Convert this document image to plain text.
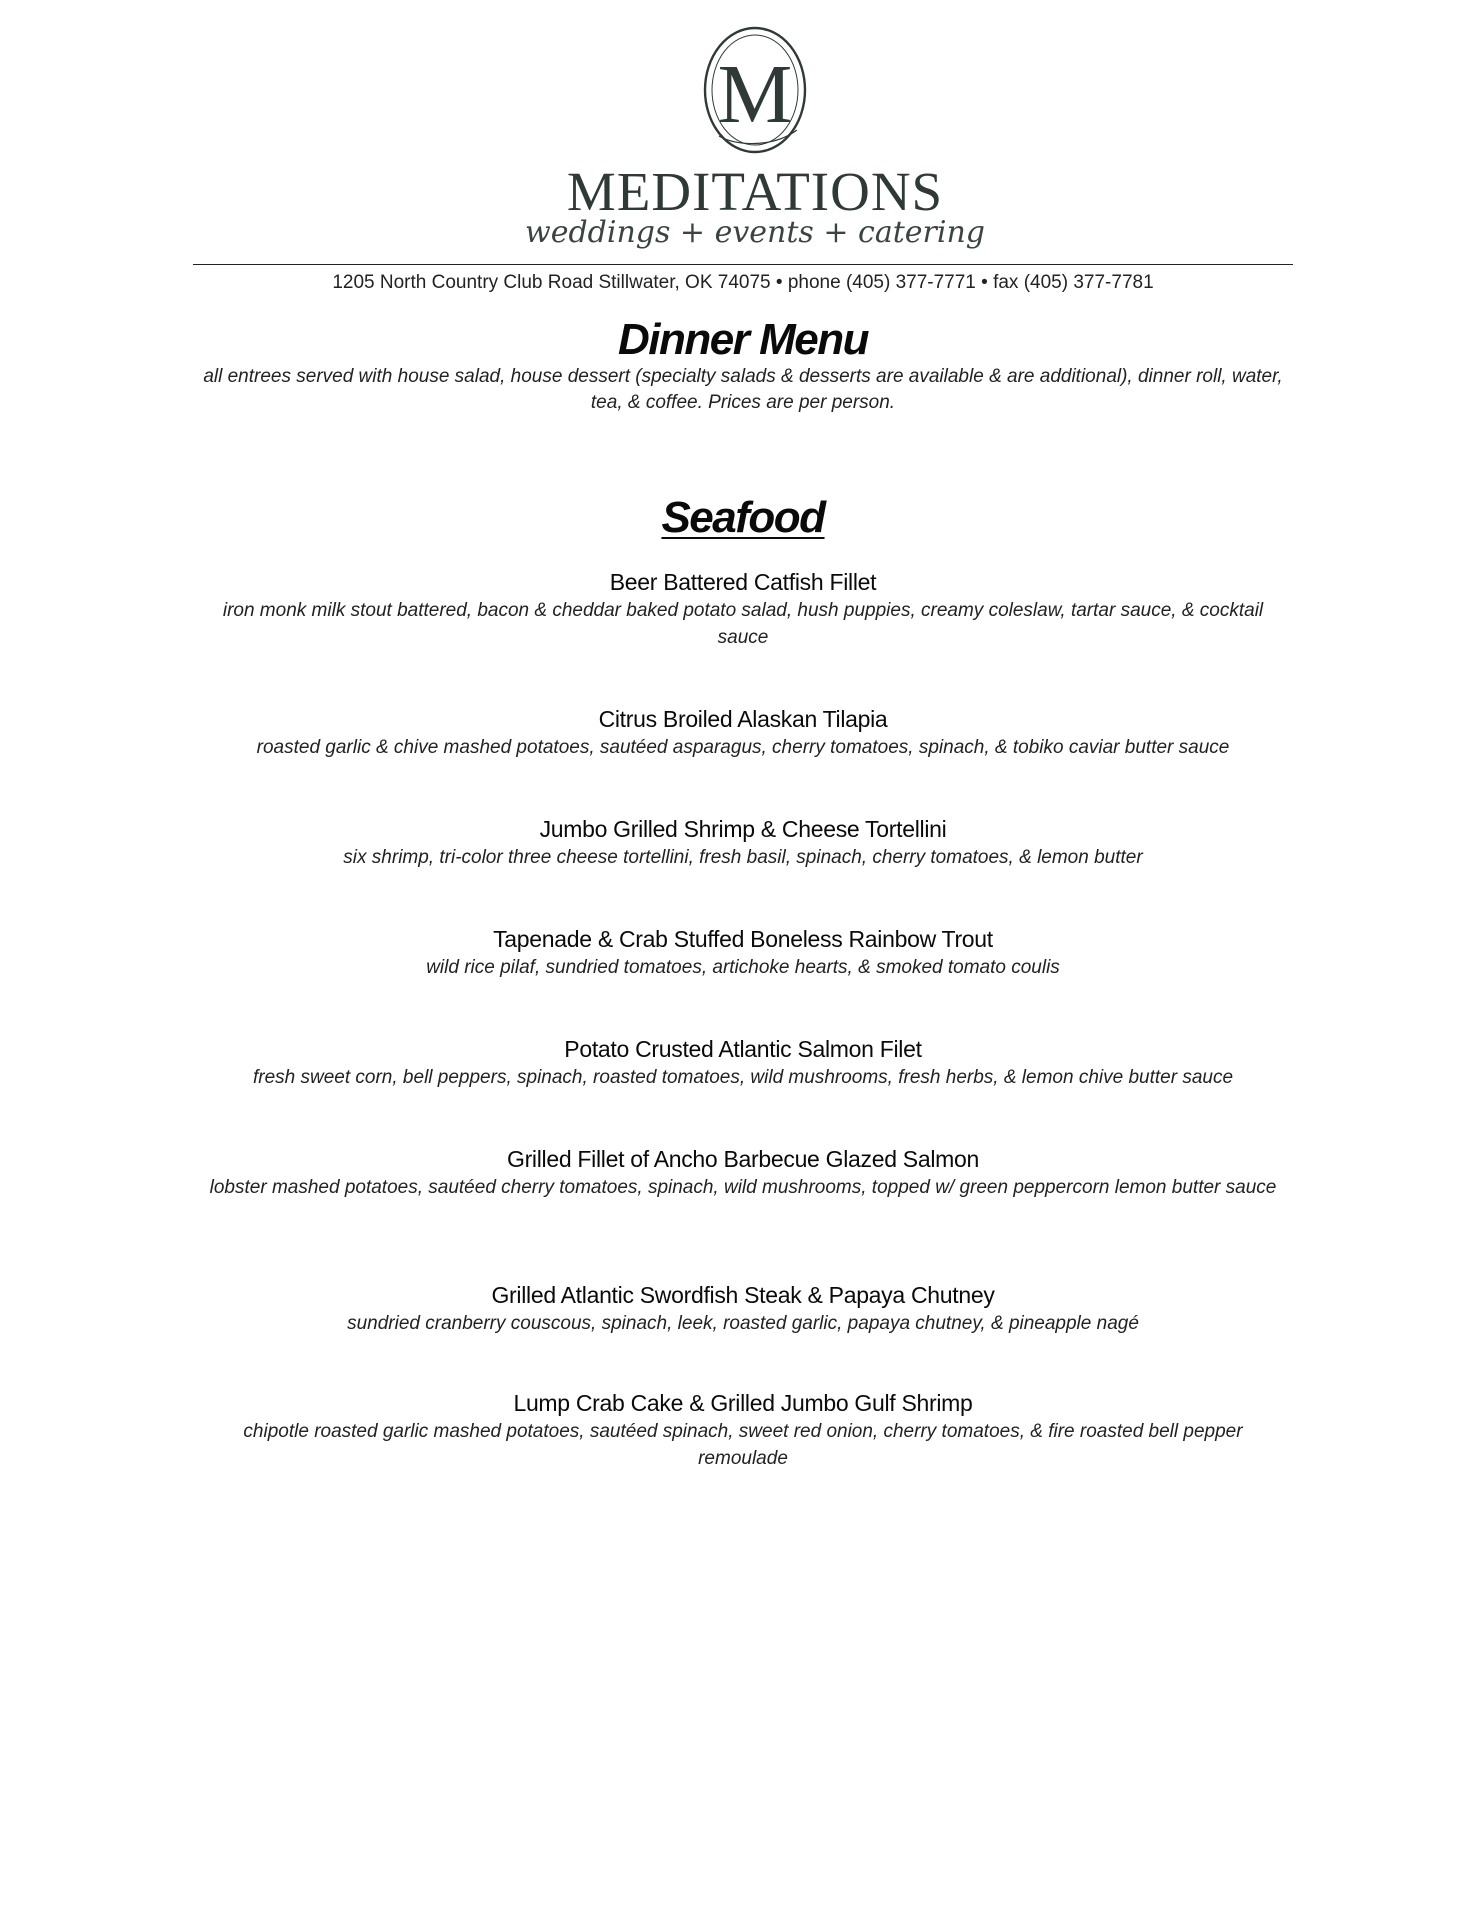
M
MEDITATIONS
weddings + events + catering
1205 North Country Club Road Stillwater, OK 74075 • phone (405) 377-7771 • fax (405) 377-7781
Dinner Menu
all entrees served with house salad, house dessert (specialty salads & desserts are available & are additional), dinner roll, water, tea, & coffee. Prices are per person.
Seafood
Beer Battered Catfish Fillet
iron monk milk stout battered, bacon & cheddar baked potato salad, hush puppies, creamy coleslaw, tartar sauce, & cocktail sauce
Citrus Broiled Alaskan Tilapia
roasted garlic & chive mashed potatoes, sautéed asparagus, cherry tomatoes, spinach, & tobiko caviar butter sauce
Jumbo Grilled Shrimp & Cheese Tortellini
six shrimp, tri-color three cheese tortellini, fresh basil, spinach, cherry tomatoes, & lemon butter
Tapenade & Crab Stuffed Boneless Rainbow Trout
wild rice pilaf, sundried tomatoes, artichoke hearts, & smoked tomato coulis
Potato Crusted Atlantic Salmon Filet
fresh sweet corn, bell peppers, spinach, roasted tomatoes, wild mushrooms, fresh herbs, & lemon chive butter sauce
Grilled Fillet of Ancho Barbecue Glazed Salmon
lobster mashed potatoes, sautéed cherry tomatoes, spinach, wild mushrooms, topped w/ green peppercorn lemon butter sauce
Grilled Atlantic Swordfish Steak & Papaya Chutney
sundried cranberry couscous, spinach, leek, roasted garlic, papaya chutney, & pineapple nagé
Lump Crab Cake & Grilled Jumbo Gulf Shrimp
chipotle roasted garlic mashed potatoes, sautéed spinach, sweet red onion, cherry tomatoes, & fire roasted bell pepper remoulade
